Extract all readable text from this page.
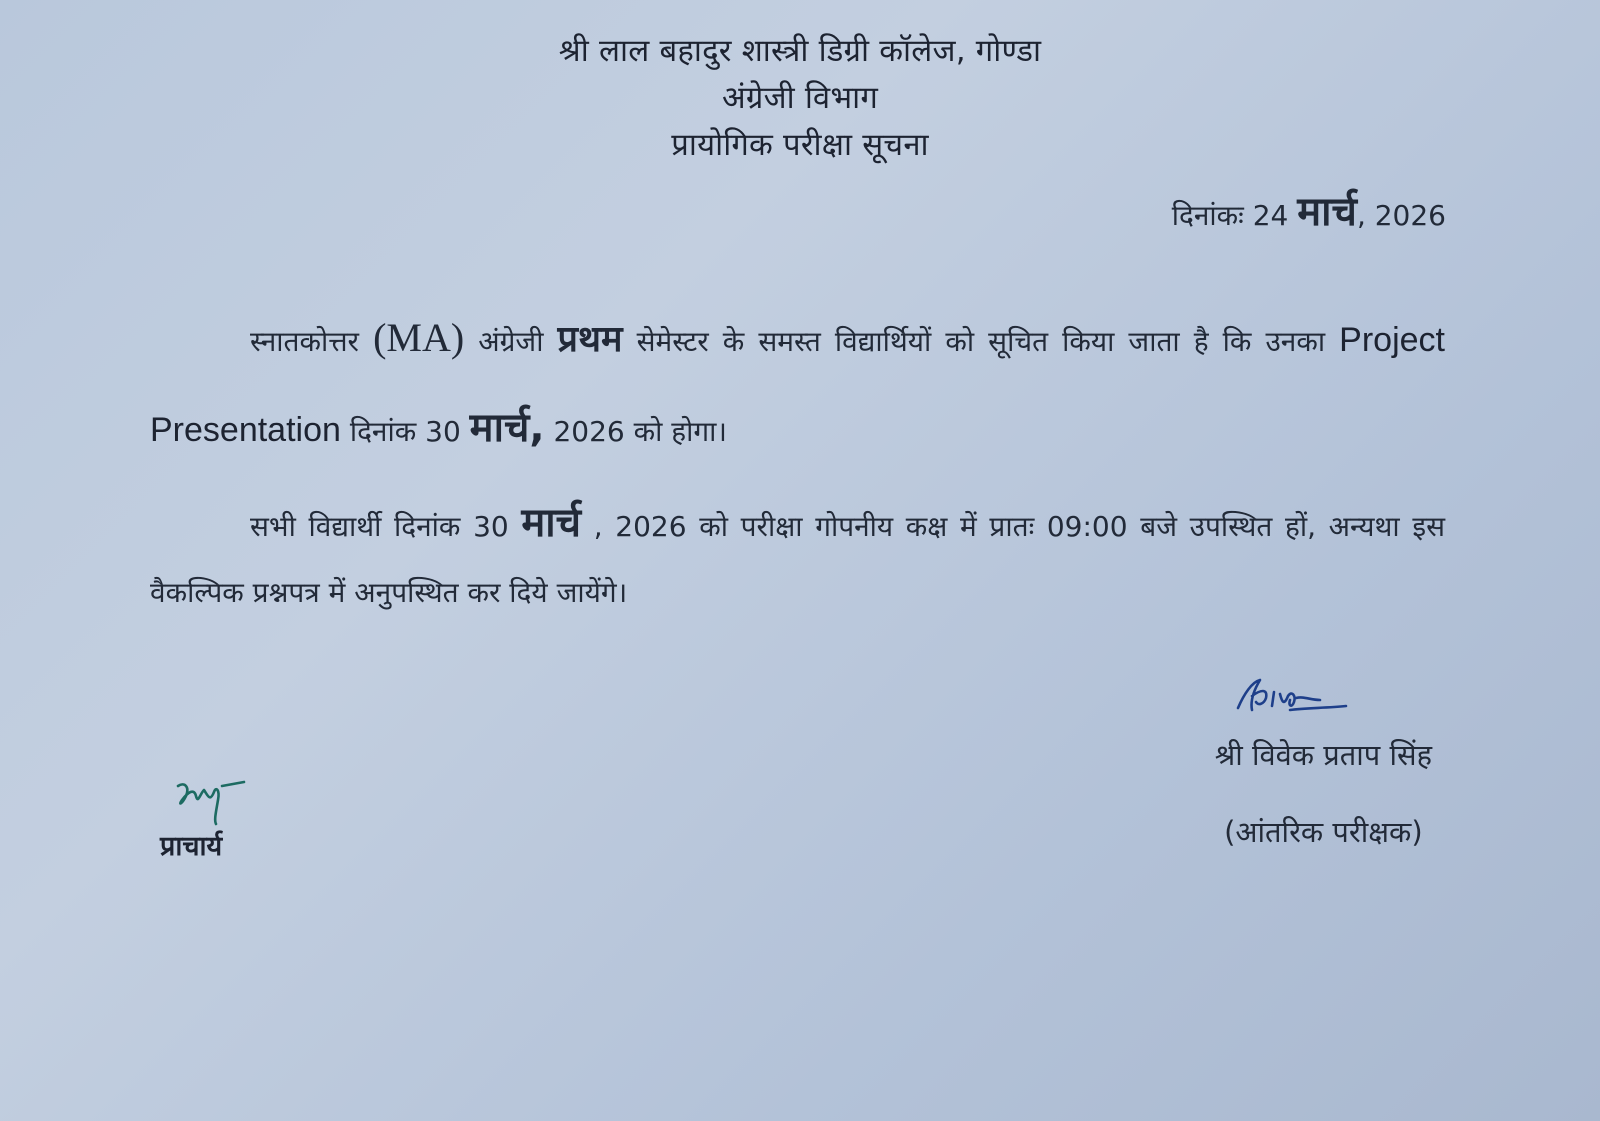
श्री लाल बहादुर शास्त्री डिग्री कॉलेज, गोण्डा
अंग्रेजी विभाग
प्रायोगिक परीक्षा सूचना
दिनांकः 24 मार्च, 2026
स्नातकोत्तर (MA) अंग्रेजी प्रथम सेमेस्टर के समस्त विद्यार्थियों को सूचित किया जाता है कि उनका Project Presentation दिनांक 30 मार्च, 2026 को होगा।
सभी विद्यार्थी दिनांक 30 मार्च , 2026 को परीक्षा गोपनीय कक्ष में प्रातः 09:00 बजे उपस्थित हों, अन्यथा इस वैकल्पिक प्रश्नपत्र में अनुपस्थित कर दिये जायेंगे।
श्री विवेक प्रताप सिंह
(आंतरिक परीक्षक)
प्राचार्य
